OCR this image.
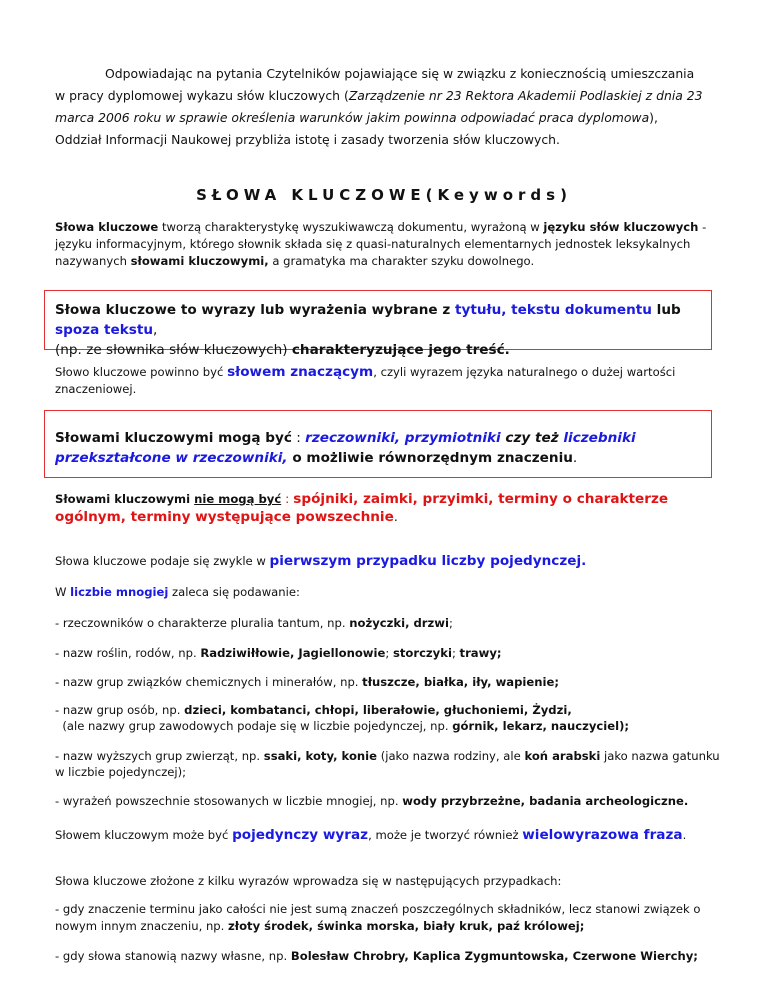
Odpowiadając na pytania Czytelników pojawiające się w związku z koniecznością umieszczania
w pracy dyplomowej wykazu słów kluczowych (Zarządzenie nr 23 Rektora Akademii Podlaskiej z dnia 23
marca 2006 roku w sprawie określenia warunków jakim powinna odpowiadać praca dyplomowa),
Oddział Informacji Naukowej przybliża istotę i zasady tworzenia słów kluczowych.
SŁOWA KLUCZOWE(Keywords)

Słowa kluczowe tworzą charakterystykę wyszukiwawczą dokumentu, wyrażoną w języku słów kluczowych - języku informacyjnym, którego słownik składa się z quasi-naturalnych elementarnych jednostek leksykalnych nazywanych słowami kluczowymi, a gramatyka ma charakter szyku dowolnego.

Słowa kluczowe to wyrazy lub wyrażenia wybrane z tytułu, tekstu dokumentu lub spoza tekstu,
(np. ze słownika słów kluczowych) charakteryzujące jego treść.

Słowo kluczowe powinno być słowem znaczącym, czyli wyrazem języka naturalnego o dużej wartości znaczeniowej.

Słowami kluczowymi mogą być : rzeczowniki, przymiotniki czy też liczebniki przekształcone w rzeczowniki, o możliwie równorzędnym znaczeniu.

Słowami kluczowymi nie mogą być : spójniki, zaimki, przyimki, terminy o charakterze ogólnym, terminy występujące powszechnie.

Słowa kluczowe podaje się zwykle w pierwszym przypadku liczby pojedynczej.

W liczbie mnogiej zaleca się podawanie:

- rzeczowników o charakterze pluralia tantum, np. nożyczki, drzwi;

- nazw roślin, rodów, np. Radziwiłłowie, Jagiellonowie; storczyki; trawy;

- nazw grup związków chemicznych i minerałów, np. tłuszcze, białka, iły, wapienie;

- nazw grup osób, np. dzieci, kombatanci, chłopi, liberałowie, głuchoniemi, Żydzi,
(ale nazwy grup zawodowych podaje się w liczbie pojedynczej, np. górnik, lekarz, nauczyciel);

- nazw wyższych grup zwierząt, np. ssaki, koty, konie (jako nazwa rodziny, ale koń arabski jako nazwa gatunku w liczbie pojedynczej);

- wyrażeń powszechnie stosowanych w liczbie mnogiej, np. wody przybrzeżne, badania archeologiczne.

Słowem kluczowym może być pojedynczy wyraz, może je tworzyć również wielowyrazowa fraza.

Słowa kluczowe złożone z kilku wyrazów wprowadza się w następujących przypadkach:

- gdy znaczenie terminu jako całości nie jest sumą znaczeń poszczególnych składników, lecz stanowi związek o nowym innym znaczeniu, np. złoty środek, świnka morska, biały kruk, paź królowej;

- gdy słowa stanowią nazwy własne, np. Bolesław Chrobry, Kaplica Zygmuntowska, Czerwone Wierchy;
